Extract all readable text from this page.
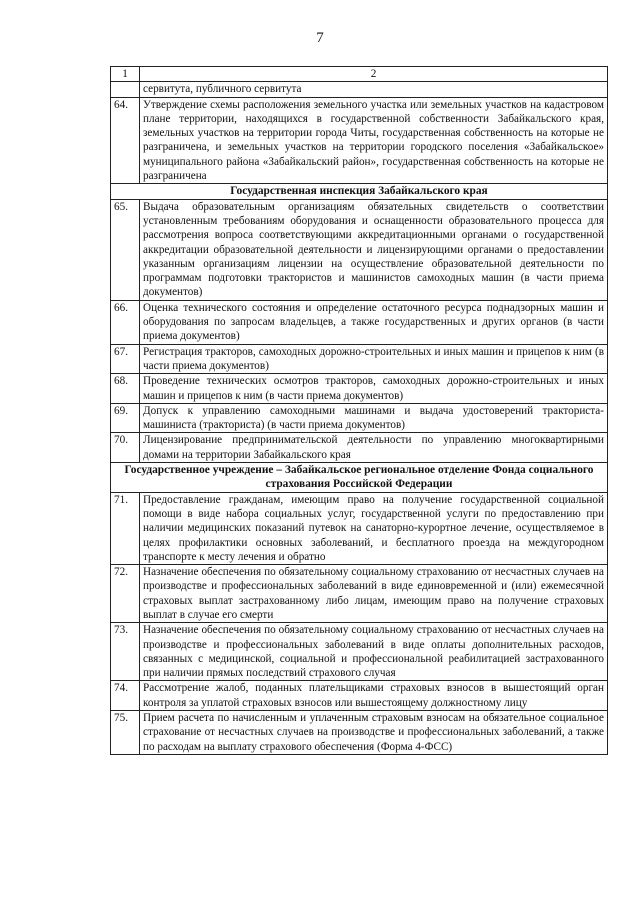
7
1	2
	сервитута, публичного сервитута
64.	Утверждение схемы расположения земельного участка или земельных участков на кадастровом плане территории, находящихся в государственной собственности Забайкальского края, земельных участков на территории города Читы, государственная собственность на которые не разграничена, и земельных участков на территории городского поселения «Забайкальское» муниципального района «Забайкальский район», государственная собственность на которые не разграничена
Государственная инспекция Забайкальского края	
65.	Выдача образовательным организациям обязательных свидетельств о соответствии установленным требованиям оборудования и оснащенности образовательного процесса для рассмотрения вопроса соответствующими аккредитационными органами о государственной аккредитации образовательной деятельности и лицензирующими органами о предоставлении указанным организациям лицензии на осуществление образовательной деятельности по программам подготовки трактористов и машинистов самоходных машин (в части приема документов)
66.	Оценка технического состояния и определение остаточного ресурса поднадзорных машин и оборудования по запросам владельцев, а также государственных и других органов (в части приема документов)
67.	Регистрация тракторов, самоходных дорожно-строительных и иных машин и прицепов к ним (в части приема документов)
68.	Проведение технических осмотров тракторов, самоходных дорожно-строительных и иных машин и прицепов к ним (в части приема документов)
69.	Допуск к управлению самоходными машинами и выдача удостоверений тракториста-машиниста (тракториста) (в части приема документов)
70.	Лицензирование предпринимательской деятельности по управлению многоквартирными домами на территории Забайкальского края
Государственное учреждение – Забайкальское региональное отделение Фонда социального страхования Российской Федерации	
71.	Предоставление гражданам, имеющим право на получение государственной социальной помощи в виде набора социальных услуг, государственной услуги по предоставлению при наличии медицинских показаний путевок на санаторно-курортное лечение, осуществляемое в целях профилактики основных заболеваний, и бесплатного проезда на междугородном транспорте к месту лечения и обратно
72.	Назначение обеспечения по обязательному социальному страхованию от несчастных случаев на производстве и профессиональных заболеваний в виде единовременной и (или) ежемесячной страховых выплат застрахованному либо лицам, имеющим право на получение страховых выплат в случае его смерти
73.	Назначение обеспечения по обязательному социальному страхованию от несчастных случаев на производстве и профессиональных заболеваний в виде оплаты дополнительных расходов, связанных с медицинской, социальной и профессиональной реабилитацией застрахованного при наличии прямых последствий страхового случая
74.	Рассмотрение жалоб, поданных плательщиками страховых взносов в вышестоящий орган контроля за уплатой страховых взносов или вышестоящему должностному лицу
75.	Прием расчета по начисленным и уплаченным страховым взносам на обязательное социальное страхование от несчастных случаев на производстве и профессиональных заболеваний, а также по расходам на выплату страхового обеспечения (Форма 4-ФСС)
